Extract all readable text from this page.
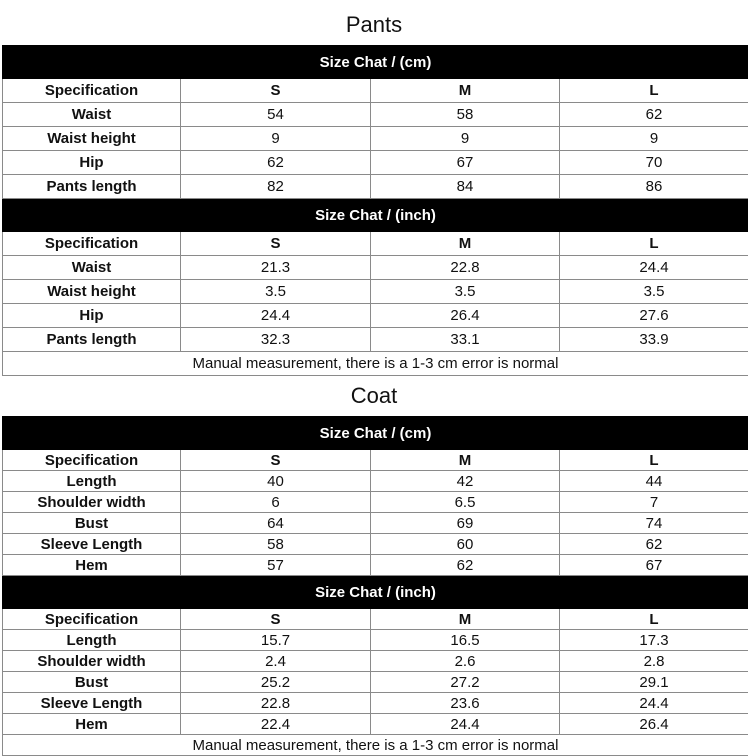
Pants
Size Chat / (cm)			
Specification	S	M	L
Waist	54	58	62
Waist height	9	9	9
Hip	62	67	70
Pants length	82	84	86
Size Chat / (inch)			
Specification	S	M	L
Waist	21.3	22.8	24.4
Waist height	3.5	3.5	3.5
Hip	24.4	26.4	27.6
Pants length	32.3	33.1	33.9
Manual measurement, there is a 1-3 cm error is normal			
Coat
Size Chat / (cm)			
Specification	S	M	L
Length	40	42	44
Shoulder width	6	6.5	7
Bust	64	69	74
Sleeve Length	58	60	62
Hem	57	62	67
Size Chat / (inch)			
Specification	S	M	L
Length	15.7	16.5	17.3
Shoulder width	2.4	2.6	2.8
Bust	25.2	27.2	29.1
Sleeve Length	22.8	23.6	24.4
Hem	22.4	24.4	26.4
Manual measurement, there is a 1-3 cm error is normal			
